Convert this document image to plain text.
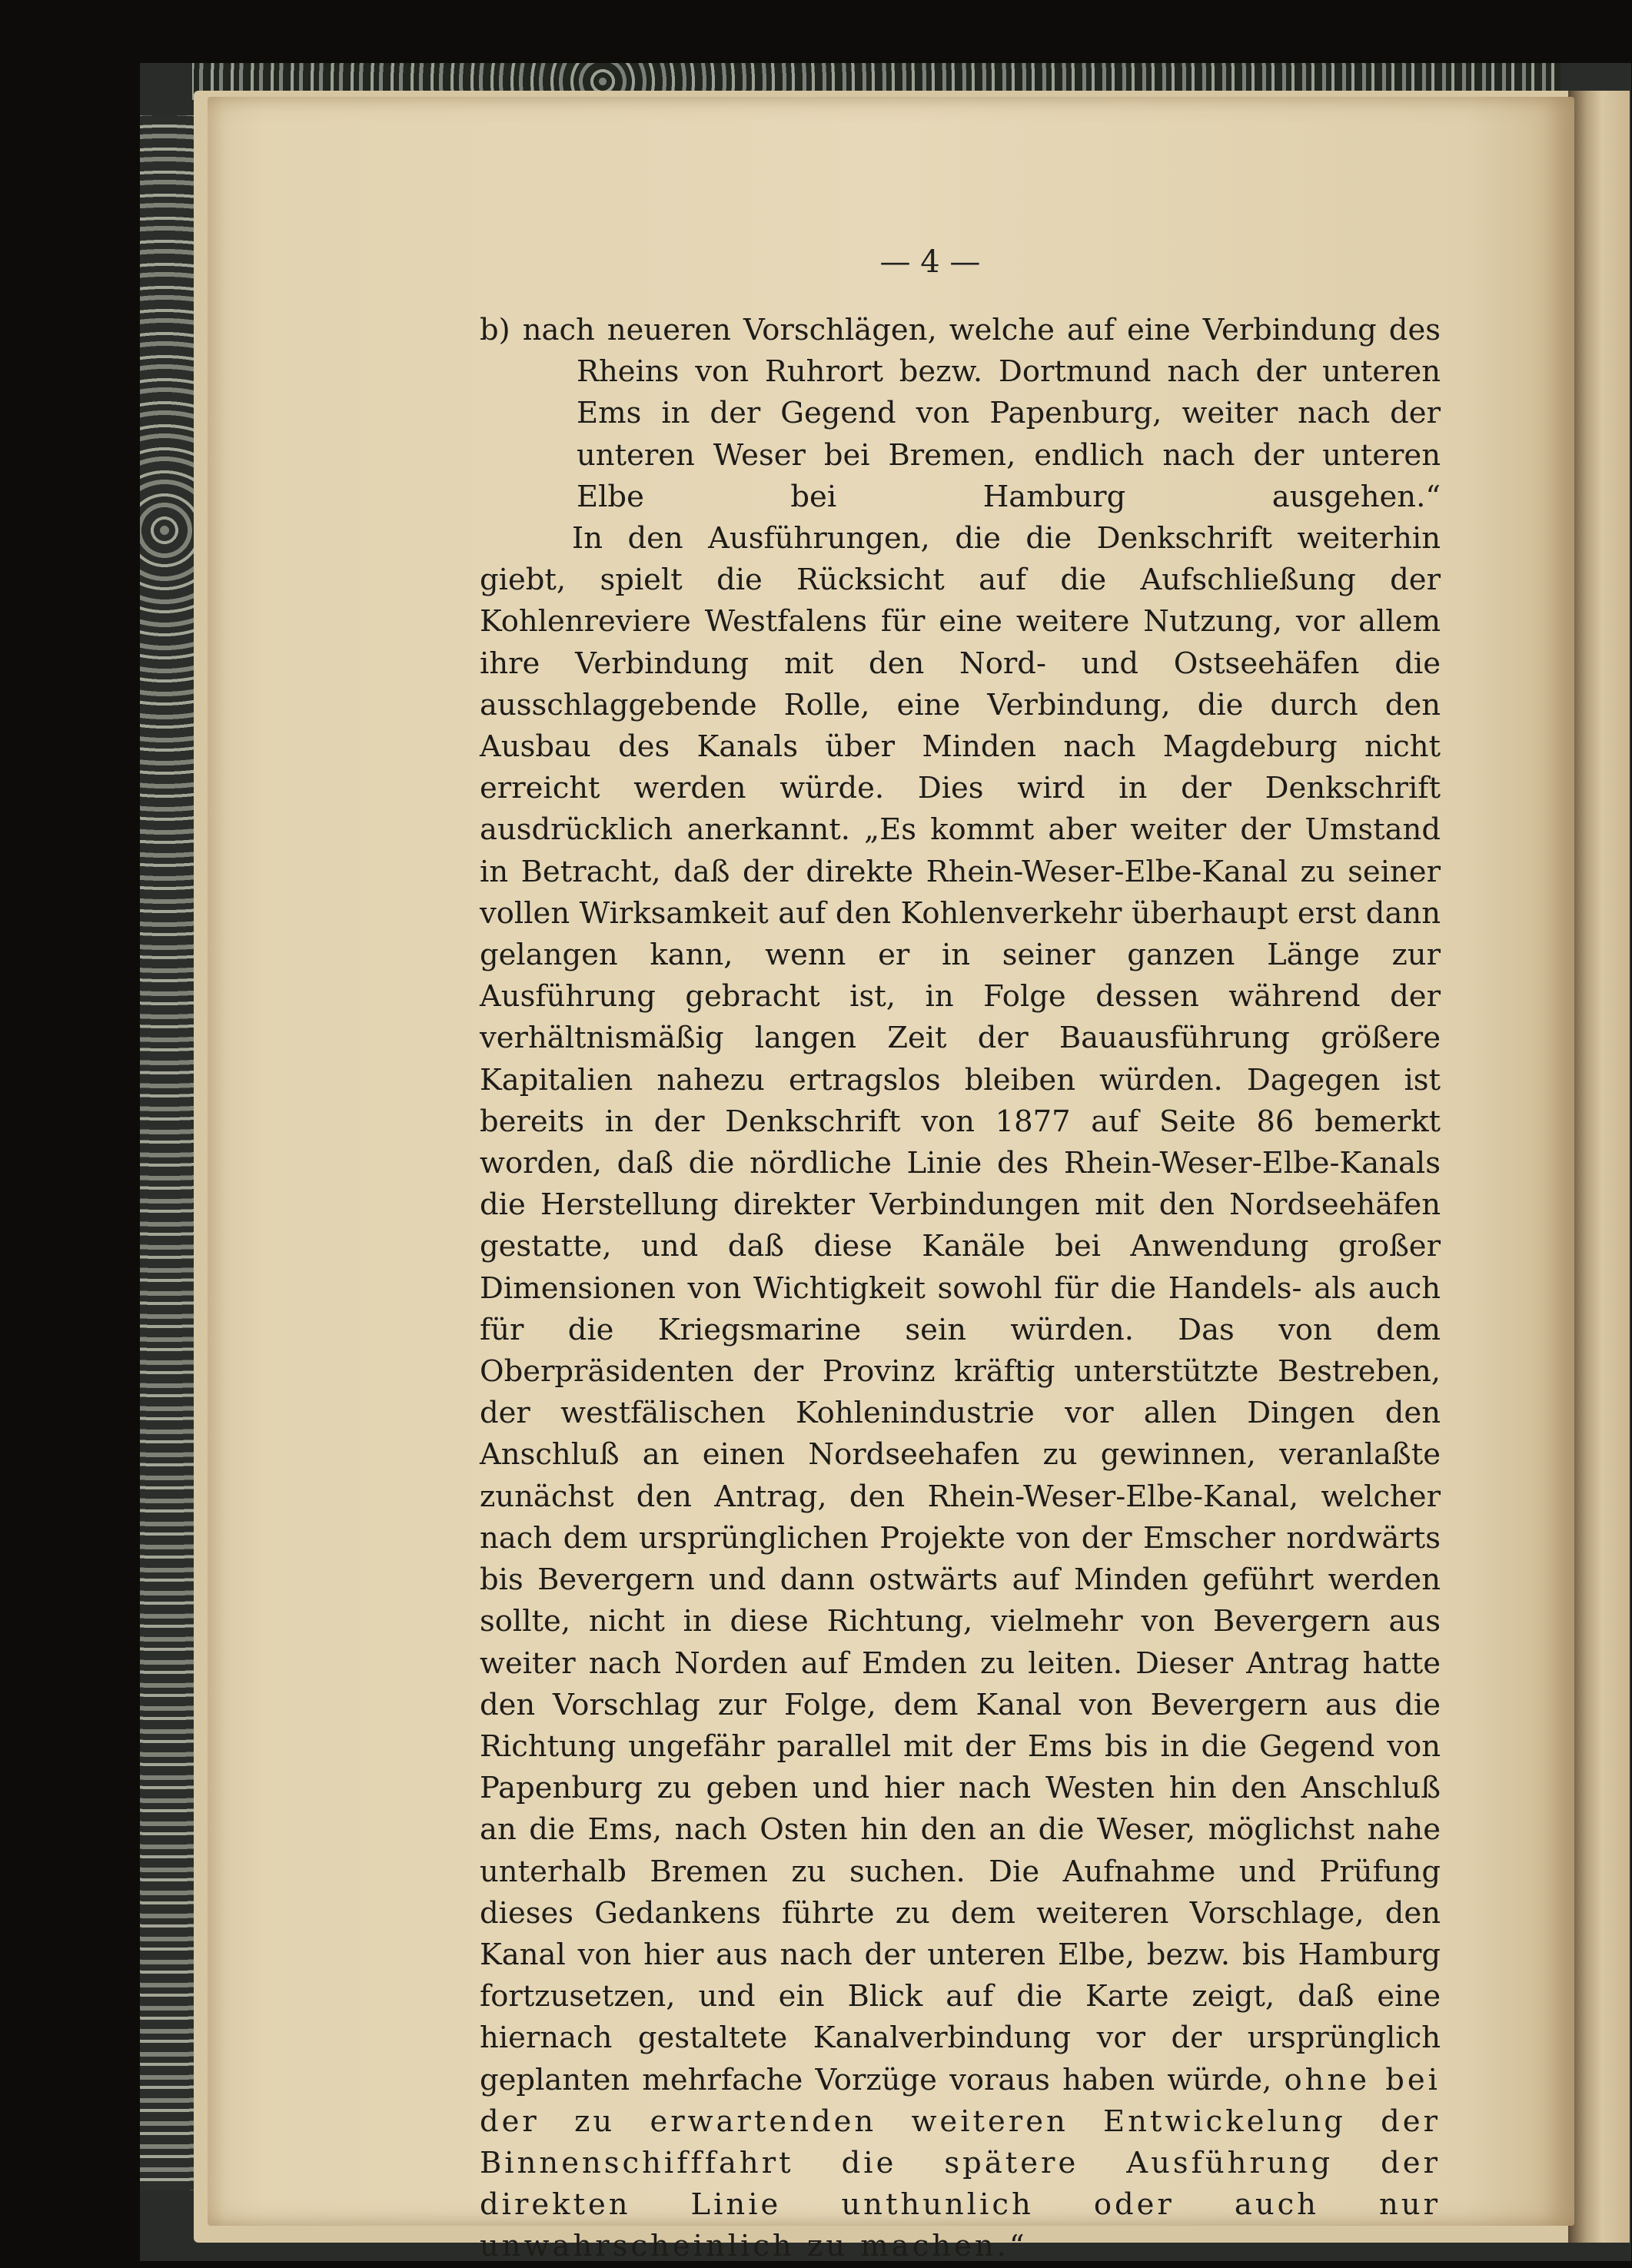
— 4 —

b) nach neueren Vorschlägen, welche auf eine Verbindung des Rheins von Ruhrort bezw. Dortmund nach der unteren Ems in der Gegend von Papenburg, weiter nach der unteren Weser bei Bremen, endlich nach der unteren Elbe bei Hamburg ausgehen.“

In den Ausführungen, die die Denkschrift weiterhin giebt, spielt die Rücksicht auf die Aufschließung der Kohlenreviere Westfalens für eine weitere Nutzung, vor allem ihre Verbindung mit den Nord- und Ostseehäfen die ausschlaggebende Rolle, eine Verbindung, die durch den Ausbau des Kanals über Minden nach Magdeburg nicht erreicht werden würde. Dies wird in der Denkschrift ausdrücklich anerkannt. „Es kommt aber weiter der Umstand in Betracht, daß der direkte Rhein-Weser-Elbe-Kanal zu seiner vollen Wirksamkeit auf den Kohlenverkehr überhaupt erst dann gelangen kann, wenn er in seiner ganzen Länge zur Ausführung gebracht ist, in Folge dessen während der verhältnismäßig langen Zeit der Bauausführung größere Kapitalien nahezu ertragslos bleiben würden. Dagegen ist bereits in der Denkschrift von 1877 auf Seite 86 bemerkt worden, daß die nördliche Linie des Rhein-Weser-Elbe-Kanals die Herstellung direkter Verbindungen mit den Nordseehäfen gestatte, und daß diese Kanäle bei Anwendung großer Dimensionen von Wichtigkeit sowohl für die Handels- als auch für die Kriegsmarine sein würden. Das von dem Oberpräsidenten der Provinz kräftig unterstützte Bestreben, der westfälischen Kohlenindustrie vor allen Dingen den Anschluß an einen Nordseehafen zu gewinnen, veranlaßte zunächst den Antrag, den Rhein-Weser-Elbe-Kanal, welcher nach dem ursprünglichen Projekte von der Emscher nordwärts bis Bevergern und dann ostwärts auf Minden geführt werden sollte, nicht in diese Richtung, vielmehr von Bevergern aus weiter nach Norden auf Emden zu leiten. Dieser Antrag hatte den Vorschlag zur Folge, dem Kanal von Bevergern aus die Richtung ungefähr parallel mit der Ems bis in die Gegend von Papenburg zu geben und hier nach Westen hin den Anschluß an die Ems, nach Osten hin den an die Weser, möglichst nahe unterhalb Bremen zu suchen. Die Aufnahme und Prüfung dieses Gedankens führte zu dem weiteren Vorschlage, den Kanal von hier aus nach der unteren Elbe, bezw. bis Hamburg fortzusetzen, und ein Blick auf die Karte zeigt, daß eine hiernach gestaltete Kanalverbindung vor der ursprünglich geplanten mehrfache Vorzüge voraus haben würde, ohne bei der zu erwartenden weiteren Entwickelung der Binnenschifffahrt die spätere Ausführung der direkten Linie unthunlich oder auch nur unwahrscheinlich zu machen.“
